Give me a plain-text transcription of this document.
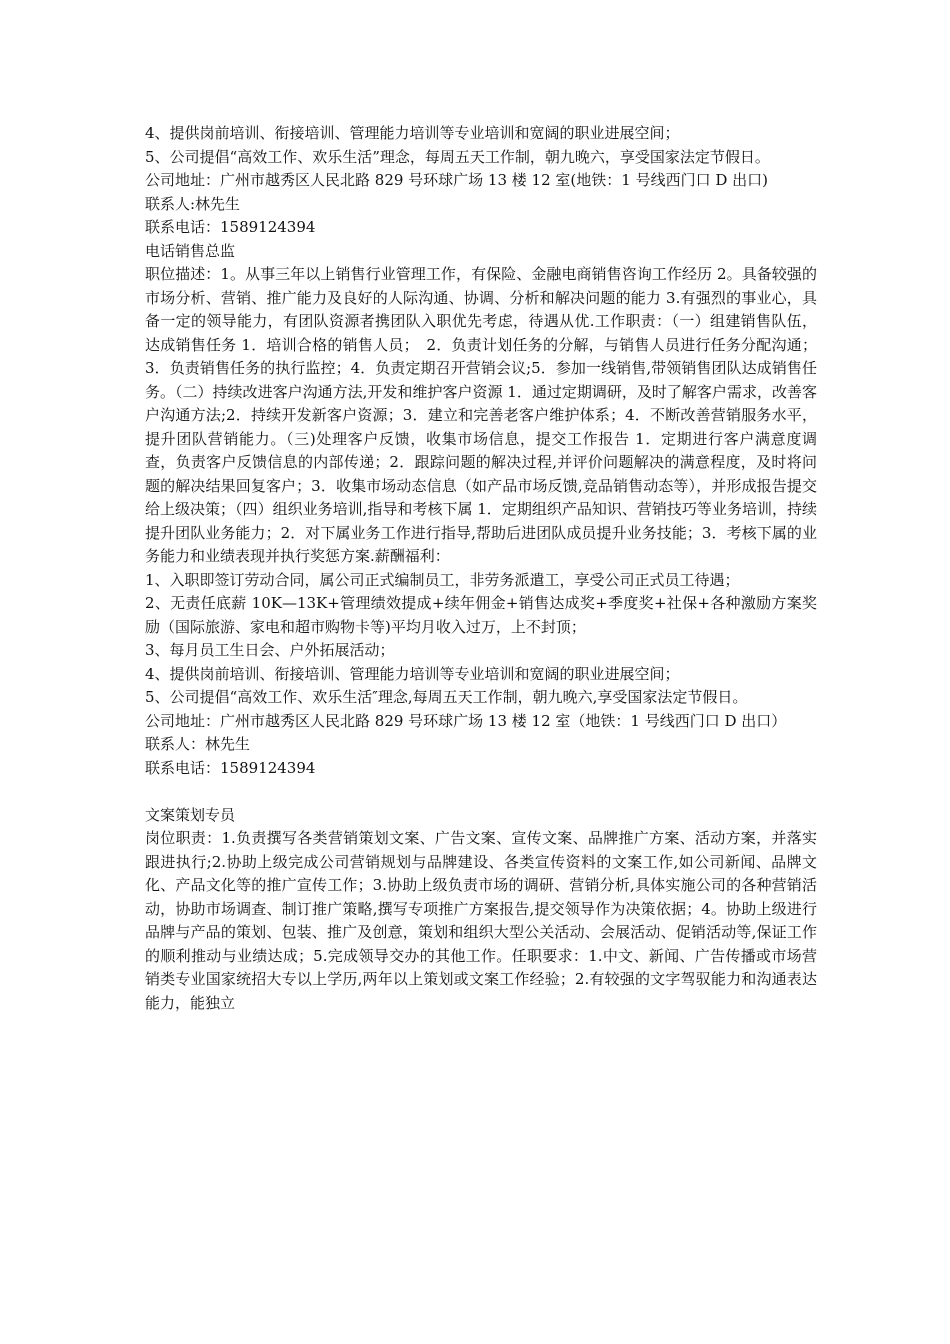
4、提供岗前培训、衔接培训、管理能力培训等专业培训和宽阔的职业进展空间；

5、公司提倡“高效工作、欢乐生活”理念，每周五天工作制，朝九晚六，享受国家法定节假日。

公司地址：广州市越秀区人民北路 829 号环球广场 13 楼 12 室(地铁：1 号线西门口 D 出口)

联系人:林先生

联系电话：1589124394

电话销售总监

职位描述：1。从事三年以上销售行业管理工作，有保险、金融电商销售咨询工作经历 2。具备较强的市场分析、营销、推广能力及良好的人际沟通、协调、分析和解决问题的能力 3.有强烈的事业心，具备一定的领导能力，有团队资源者携团队入职优先考虑，待遇从优.工作职责：（一）组建销售队伍，达成销售任务 1．培训合格的销售人员；　2．负责计划任务的分解，与销售人员进行任务分配沟通；3．负责销售任务的执行监控；4．负责定期召开营销会议;5．参加一线销售,带领销售团队达成销售任务。（二）持续改进客户沟通方法,开发和维护客户资源 1．通过定期调研，及时了解客户需求，改善客户沟通方法;2．持续开发新客户资源；3．建立和完善老客户维护体系；4．不断改善营销服务水平，提升团队营销能力。（三)处理客户反馈，收集市场信息，提交工作报告 1．定期进行客户满意度调查，负责客户反馈信息的内部传递；2．跟踪问题的解决过程,并评价问题解决的满意程度，及时将问题的解决结果回复客户；3．收集市场动态信息（如产品市场反馈,竞品销售动态等），并形成报告提交给上级决策；（四）组织业务培训,指导和考核下属 1．定期组织产品知识、营销技巧等业务培训，持续提升团队业务能力；2．对下属业务工作进行指导,帮助后进团队成员提升业务技能；3．考核下属的业务能力和业绩表现并执行奖惩方案.薪酬福利：

1、入职即签订劳动合同，属公司正式编制员工，非劳务派遣工，享受公司正式员工待遇；

2、无责任底薪 10K—13K+管理绩效提成+续年佣金+销售达成奖+季度奖+社保+各种激励方案奖励（国际旅游、家电和超市购物卡等)平均月收入过万，上不封顶；

3、每月员工生日会、户外拓展活动；

4、提供岗前培训、衔接培训、管理能力培训等专业培训和宽阔的职业进展空间；

5、公司提倡“高效工作、欢乐生活″理念,每周五天工作制，朝九晚六,享受国家法定节假日。

公司地址：广州市越秀区人民北路 829 号环球广场 13 楼 12 室（地铁：1 号线西门口 D 出口）

联系人：林先生

联系电话：1589124394

文案策划专员

岗位职责：1.负责撰写各类营销策划文案、广告文案、宣传文案、品牌推广方案、活动方案，并落实跟进执行;2.协助上级完成公司营销规划与品牌建设、各类宣传资料的文案工作,如公司新闻、品牌文化、产品文化等的推广宣传工作；3.协助上级负责市场的调研、营销分析,具体实施公司的各种营销活动，协助市场调查、制订推广策略,撰写专项推广方案报告,提交领导作为决策依据；4。协助上级进行品牌与产品的策划、包装、推广及创意，策划和组织大型公关活动、会展活动、促销活动等,保证工作的顺利推动与业绩达成；5.完成领导交办的其他工作。任职要求：1.中文、新闻、广告传播或市场营销类专业国家统招大专以上学历,两年以上策划或文案工作经验；2.有较强的文字驾驭能力和沟通表达能力，能独立
